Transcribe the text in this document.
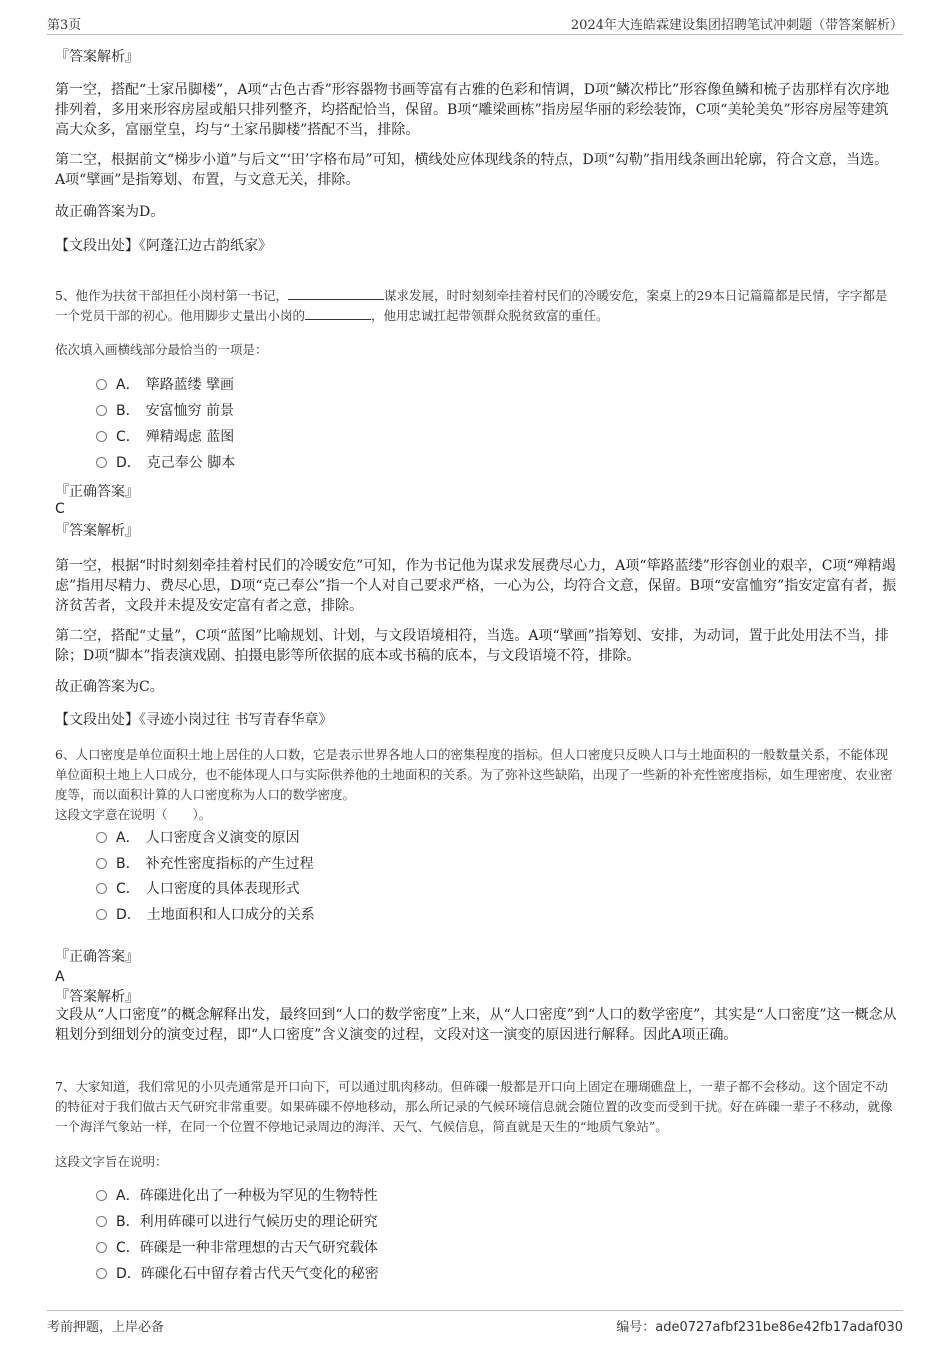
第3页	2024年大连皓霖建设集团招聘笔试冲刺题（带答案解析）
『答案解析』

第一空，搭配“土家吊脚楼”，A项“古色古香”形容器物书画等富有古雅的色彩和情调，D项“鳞次栉比”形容像鱼鳞和梳子齿那样有次序地排列着，多用来形容房屋或船只排列整齐，均搭配恰当，保留。B项“雕梁画栋”指房屋华丽的彩绘装饰，C项“美轮美奂”形容房屋等建筑高大众多，富丽堂皇，均与“土家吊脚楼”搭配不当，排除。

第二空，根据前文“梯步小道”与后文“‘田’字格布局”可知，横线处应体现线条的特点，D项“勾勒”指用线条画出轮廓，符合文意，当选。A项“擘画”是指筹划、布置，与文意无关，排除。

故正确答案为D。

【文段出处】《阿蓬江边古韵纸家》

5、他作为扶贫干部担任小岗村第一书记，	谋求发展，时时刻刻牵挂着村民们的冷暖安危，案桌上的29本日记篇篇都是民情，字字都是一个党员干部的初心。他用脚步丈量出小岗的	，他用忠诚扛起带领群众脱贫致富的重任。

依次填入画横线部分最恰当的一项是：

A． 筚路蓝缕 擘画
B． 安富恤穷 前景
C． 殚精竭虑 蓝图
D． 克己奉公 脚本
『正确答案』
C
『答案解析』

第一空，根据“时时刻刻牵挂着村民们的冷暖安危”可知，作为书记他为谋求发展费尽心力，A项“筚路蓝缕”形容创业的艰辛，C项“殚精竭虑”指用尽精力、费尽心思，D项“克己奉公”指一个人对自己要求严格，一心为公，均符合文意，保留。B项“安富恤穷”指安定富有者，振济贫苦者，文段并未提及安定富有者之意，排除。

第二空，搭配“丈量”，C项“蓝图”比喻规划、计划，与文段语境相符，当选。A项“擘画”指筹划、安排，为动词，置于此处用法不当，排除；D项“脚本”指表演戏剧、拍摄电影等所依据的底本或书稿的底本，与文段语境不符，排除。

故正确答案为C。

【文段出处】《寻迹小岗过往 书写青春华章》

6、人口密度是单位面积土地上居住的人口数，它是表示世界各地人口的密集程度的指标。但人口密度只反映人口与土地面积的一般数量关系，不能体现单位面积土地上人口成分，也不能体现人口与实际供养他的土地面积的关系。为了弥补这些缺陷，出现了一些新的补充性密度指标，如生理密度、农业密度等，而以面积计算的人口密度称为人口的数学密度。

这段文字意在说明（　　）。

A． 人口密度含义演变的原因
B． 补充性密度指标的产生过程
C． 人口密度的具体表现形式
D． 土地面积和人口成分的关系
『正确答案』
A
『答案解析』

文段从“人口密度”的概念解释出发，最终回到“人口的数学密度”上来，从“人口密度”到“人口的数学密度”，其实是“人口密度”这一概念从粗划分到细划分的演变过程，即“人口密度”含义演变的过程，文段对这一演变的原因进行解释。因此A项正确。

7、大家知道，我们常见的小贝壳通常是开口向下，可以通过肌肉移动。但砗磲一般都是开口向上固定在珊瑚礁盘上，一辈子都不会移动。这个固定不动的特征对于我们做古天气研究非常重要。如果砗磲不停地移动，那么所记录的气候环境信息就会随位置的改变而受到干扰。好在砗磲一辈子不移动，就像一个海洋气象站一样，在同一个位置不停地记录周边的海洋、天气、气候信息，简直就是天生的“地质气象站”。

这段文字旨在说明：

A．砗磲进化出了一种极为罕见的生物特性
B．利用砗磲可以进行气候历史的理论研究
C．砗磲是一种非常理想的古天气研究载体
D．砗磲化石中留存着古代天气变化的秘密
考前押题，上岸必备	编号：ade0727afbf231be86e42fb17adaf030
